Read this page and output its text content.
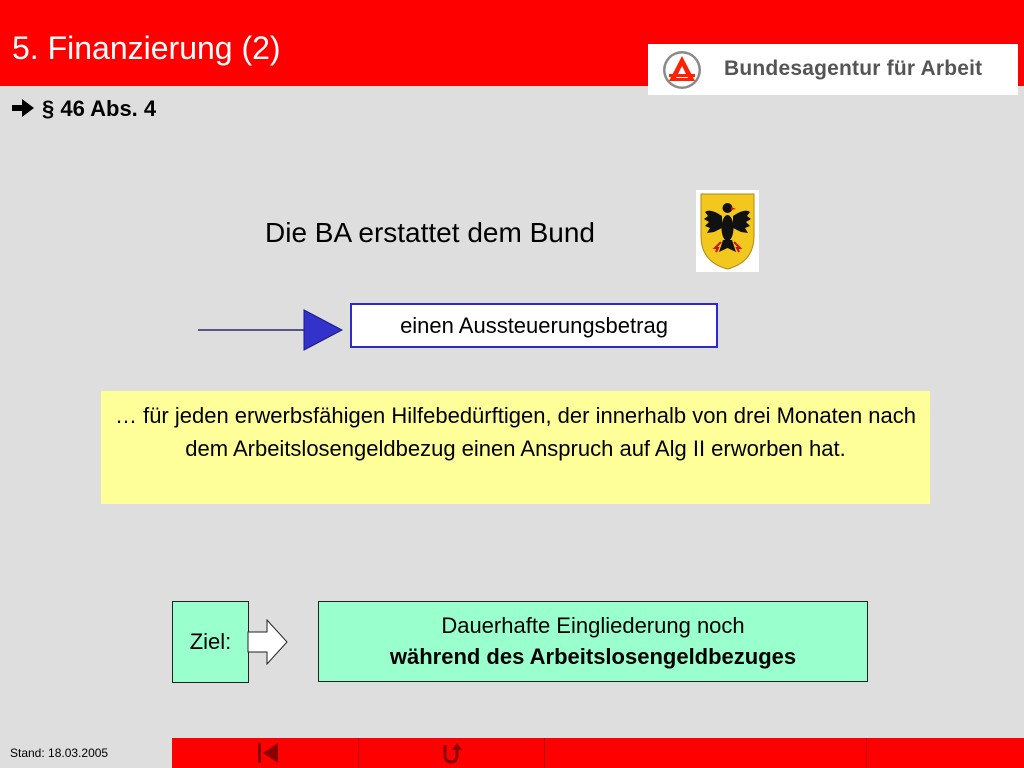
5. Finanzierung (2)
Bundesagentur für Arbeit
§ 46 Abs. 4
Die BA erstattet dem Bund
einen Aussteuerungsbetrag
… für jeden erwerbsfähigen Hilfebedürftigen, der innerhalb von drei Monaten nach dem Arbeitslosengeldbezug einen Anspruch auf Alg II erworben hat.
Ziel:
Dauerhafte Eingliederung noch
während des Arbeitslosengeldbezuges
Stand: 18.03.2005
